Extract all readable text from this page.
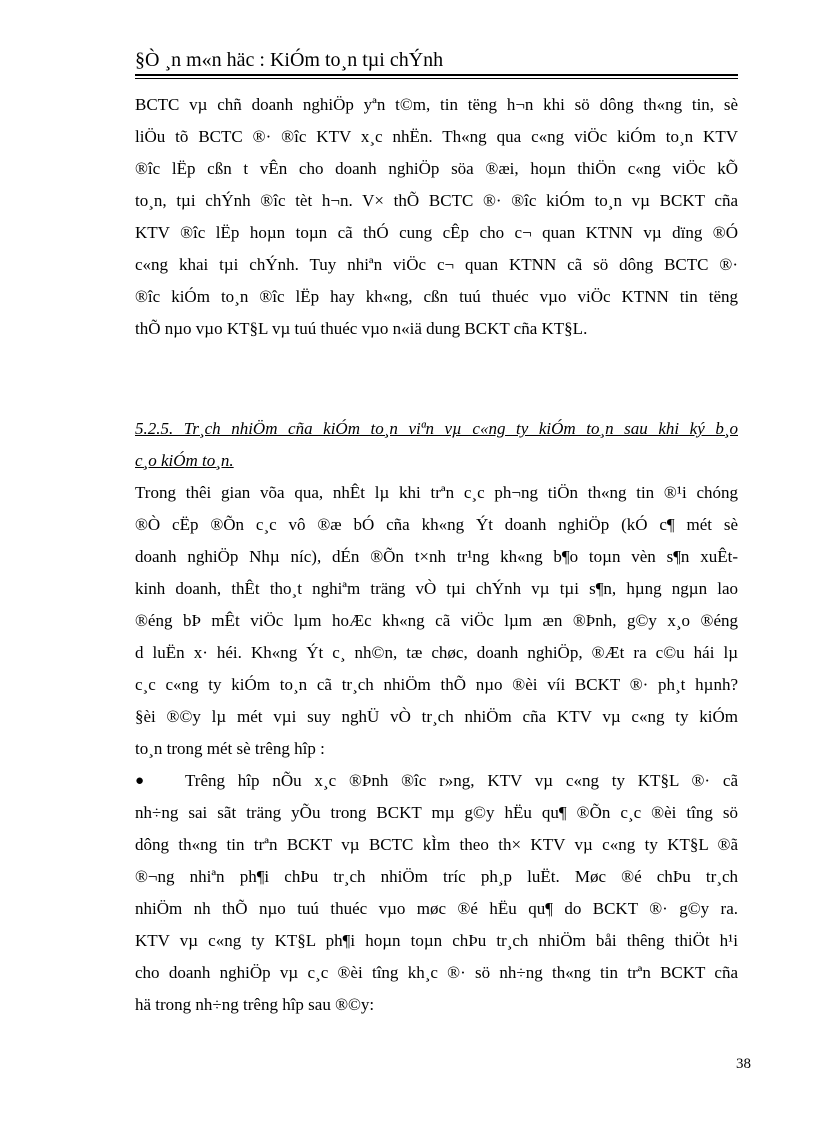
§Ò ¸n m«n häc : KiÓm to¸n tµi chÝnh
BCTC vµ chñ doanh nghiÖp yªn t©m, tin tëng h¬n khi sö dông th«ng tin, sè
liÖu tõ BCTC ®· ®îc KTV x¸c nhËn. Th«ng qua c«ng viÖc kiÓm to¸n KTV
®îc lËp cßn t vÊn cho doanh nghiÖp söa ®æi, hoµn thiÖn c«ng viÖc kÕ
to¸n, tµi chÝnh ®îc tèt h¬n. V× thÕ BCTC ®· ®îc kiÓm to¸n vµ BCKT cña
KTV ®îc lËp hoµn toµn cã thÓ cung cÊp cho c¬ quan KTNN vµ dïng ®Ó
c«ng khai tµi chÝnh. Tuy nhiªn viÖc c¬ quan KTNN cã sö dông BCTC ®·
®îc kiÓm to¸n ®îc lËp hay kh«ng, cßn tuú thuéc vµo viÖc KTNN tin tëng
thÕ nµo vµo KT§L vµ tuú thuéc vµo n«iä dung BCKT cña KT§L.
5.2.5. Tr¸ch nhiÖm cña kiÓm to¸n viªn vµ c«ng ty kiÓm to¸n sau khi ký b¸o
c¸o kiÓm to¸n.
Trong thêi gian võa qua, nhÊt lµ khi trªn c¸c ph¬ng tiÖn th«ng tin ®¹i chóng
®Ò cËp ®Õn c¸c vô ®æ bÓ cña kh«ng Ýt doanh nghiÖp (kÓ c¶ mét sè
doanh nghiÖp Nhµ níc), dÉn ®Õn t×nh tr¹ng kh«ng b¶o toµn vèn s¶n xuÊt-
kinh doanh, thÊt tho¸t nghiªm träng vÒ tµi chÝnh vµ tµi s¶n, hµng ngµn lao
®éng bÞ mÊt viÖc lµm hoÆc kh«ng cã viÖc lµm æn ®Þnh, g©y x¸o ®éng
d luËn x· héi. Kh«ng Ýt c¸ nh©n, tæ chøc, doanh nghiÖp, ®Æt ra c©u hái lµ
c¸c c«ng ty kiÓm to¸n cã tr¸ch nhiÖm thÕ nµo ®èi víi BCKT ®· ph¸t hµnh?
§èi ®©y lµ mét vµi suy nghÜ vÒ tr¸ch nhiÖm cña KTV vµ c«ng ty kiÓm
to¸n trong mét sè trêng hîp :
●	Trêng hîp nÕu x¸c ®Þnh ®îc r»ng, KTV vµ c«ng ty KT§L ®· cã
nh÷ng sai sãt träng yÕu trong BCKT mµ g©y hËu qu¶ ®Õn c¸c ®èi tîng sö
dông th«ng tin trªn BCKT vµ BCTC kÌm theo th× KTV vµ c«ng ty KT§L ®ã
®¬ng nhiªn ph¶i chÞu tr¸ch nhiÖm tríc ph¸p luËt. Møc ®é chÞu tr¸ch
nhiÖm nh thÕ nµo tuú thuéc vµo møc ®é hËu qu¶ do BCKT ®· g©y ra.
KTV vµ c«ng ty KT§L ph¶i hoµn toµn chÞu tr¸ch nhiÖm båi thêng thiÖt h¹i
cho doanh nghiÖp vµ c¸c ®èi tîng kh¸c ®· sö nh÷ng th«ng tin trªn BCKT cña
hä trong nh÷ng trêng hîp sau ®©y:
38
